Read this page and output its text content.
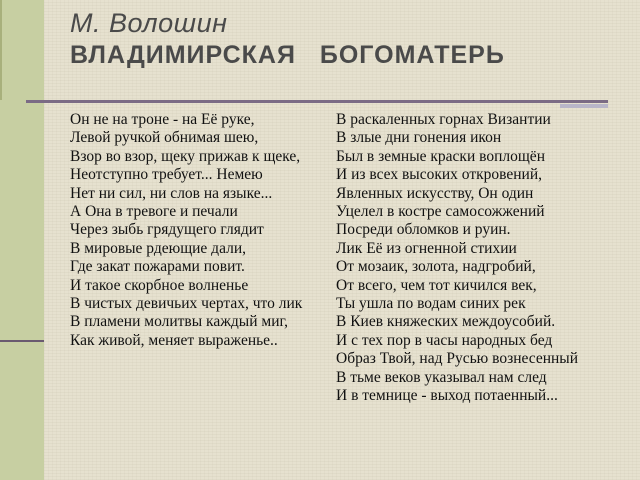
М. Волошин
ВЛАДИМИРСКАЯ БОГОМАТЕРЬ
Он не на троне - на Её руке,
Левой ручкой обнимая шею,
Взор во взор, щеку прижав к щеке,
Неотступно требует... Немею
Нет ни сил, ни слов на языке...
А Она в тревоге и печали
Через зыбь грядущего глядит
В мировые рдеющие дали,
Где закат пожарами повит.
И такое скорбное волненье
В чистых девичьих чертах, что лик
В пламени молитвы каждый миг,
Как живой, меняет выраженье..
В раскаленных горнах Византии
В злые дни гонения икон
Был в земные краски воплощён
И из всех высоких откровений,
Явленных искусству, Он один
Уцелел в костре самосожжений
Посреди обломков и руин.
Лик Её из огненной стихии
От мозаик, золота, надгробий,
От всего, чем тот кичился век,
Ты ушла по водам синих рек
В Киев княжеских междоусобий.
И с тех пор в часы народных бед
Образ Твой, над Русью вознесенный
В тьме веков указывал нам след
И в темнице - выход потаенный...
